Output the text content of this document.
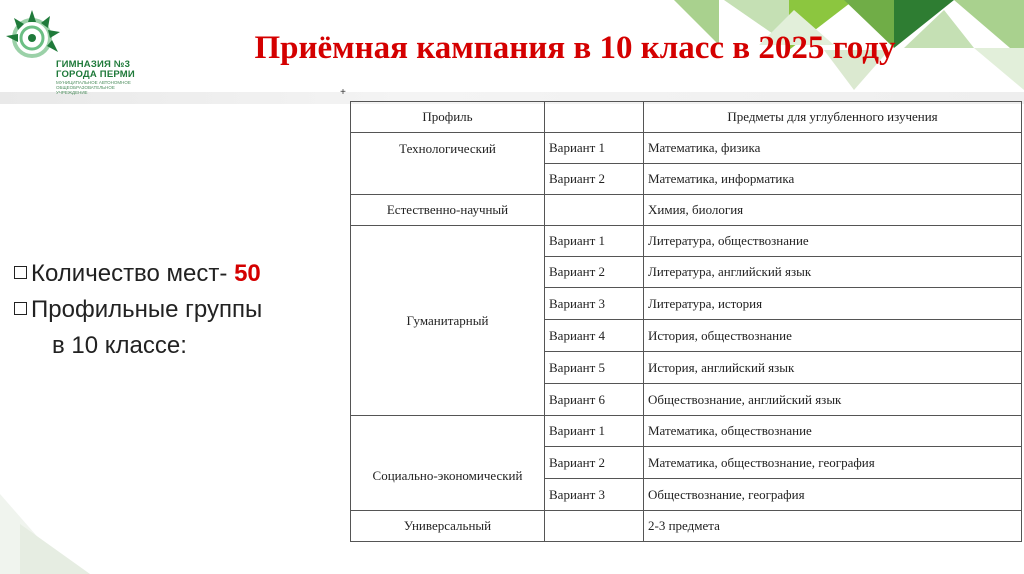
ГИМНАЗИЯ №3
ГОРОДА ПЕРМИ
МУНИЦИПАЛЬНОЕ АВТОНОМНОЕ
ОБЩЕОБРАЗОВАТЕЛЬНОЕ УЧРЕЖДЕНИЕ
Приёмная кампания в 10 класс в 2025 году
Количество мест- 50
Профильные группы
в 10 классе:
+
Профиль		Предметы для углубленного изучения
Технологический	Вариант 1	Математика, физика
	Вариант 2	Математика, информатика
Естественно-научный		Химия, биология
Гуманитарный	Вариант 1	Литература, обществознание
	Вариант 2	Литература, английский язык
	Вариант 3	Литература, история
	Вариант 4	История, обществознание
	Вариант 5	История, английский язык
	Вариант 6	Обществознание, английский язык
Социально-экономический	Вариант 1	Математика, обществознание
	Вариант 2	Математика, обществознание, география
	Вариант 3	Обществознание, география
Универсальный		2-3 предмета
